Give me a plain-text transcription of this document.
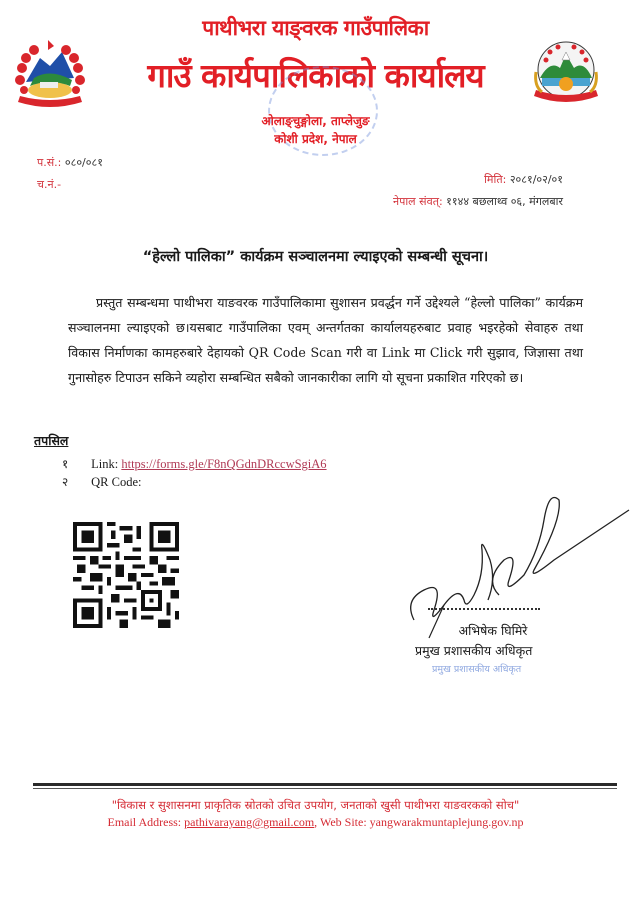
पाथीभरा याङ्वरक गाउँपालिका
गाउँ कार्यपालिकाको कार्यालय
ओलाङ्चुङ्गोला, ताप्लेजुङ
कोशी प्रदेश, नेपाल
प.सं.: ०८०/०८१
च.नं.-	मिति: २०८१/०२/०१
नेपाल संवत्: ११४४ बछलाथ्व ०६, मंगलबार
“हेल्लो पालिका” कार्यक्रम सञ्चालनमा ल्याइएको सम्बन्धी सूचना।

प्रस्तुत सम्बन्धमा पाथीभरा याङवरक गाउँपालिकामा सुशासन प्रवर्द्धन गर्ने उद्देश्यले “हेल्लो पालिका” कार्यक्रम सञ्चालनमा ल्याइएको छ।यसबाट गाउँपालिका एवम् अन्तर्गतका कार्यालयहरुबाट प्रवाह भइरहेको सेवाहरु तथा विकास निर्माणका कामहरुबारे देहायको QR Code Scan गरी वा Link मा Click गरी सुझाव, जिज्ञासा तथा गुनासोहरु टिपाउन सकिने व्यहोरा सम्बन्धित सबैको जानकारीका लागि यो सूचना प्रकाशित गरिएको छ।

तपसिल
१ Link: https://forms.gle/F8nQGdnDRccwSgiA6
२ QR Code:
अभिषेक घिमिरे
प्रमुख प्रशासकीय अधिकृत
प्रमुख प्रशासकीय अधिकृत
"विकास र सुशासनमा प्राकृतिक स्रोतको उचित उपयोग, जनताको खुसी पाथीभरा याङवरकको सोच"
Email Address: pathivarayang@gmail.com, Web Site: yangwarakmuntaplejung.gov.np
